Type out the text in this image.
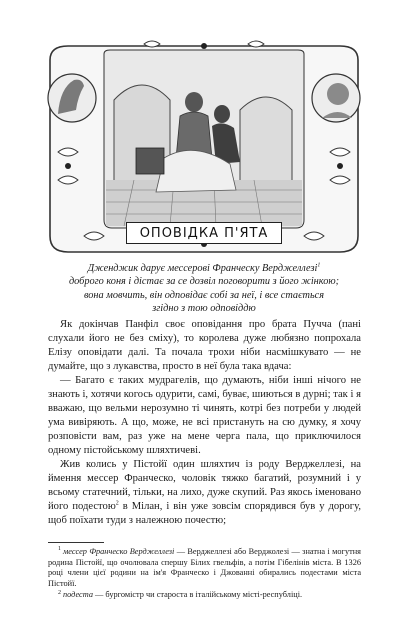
ОПОВІДКА П'ЯТА
Дженджик дарує мессерові Франческу Верджеллезі$^1$
доброго коня і дістає за се дозвіл поговорити з його жінкою;
вона мовчить, він одповідає собі за неї, і все стається
згідно з тою одповіддю

Як докінчав Панфіл своє оповідання про брата Пучча (пані слухали його не без сміху), то королева дуже любязно попрохала Елізу оповідати далі. Та почала трохи ніби насмішкувато — не думайте, що з лукавства, просто в неї була така вдача:

— Багато є таких мудрагелів, що думають, ніби інші нічого не знають і, хотячи когось одурити, самі, буває, шиються в дурні; так і я вважаю, що вельми нерозумно ті чинять, котрі без потреби у людей ума вивіряють. А що, може, не всі пристануть на сю думку, я хочу розповісти вам, раз уже на мене черга пала, що приключилося одному пістойському шляхтичеві.

Жив колись у Пістойї один шляхтич із роду Верджеллезі, на ймення мессер Франческо, чоловік тяжко багатий, розумний і у всьому статечний, тільки, на лихо, дуже скупий. Раз якось іменовано його подестою$^2$ в Мілан, і він уже зовсім спорядився був у дорогу, щоб поїхати туди з належною почестю;

$^1$ мессер Франческо Верджеллезі — Верджеллезі або Верджолезі — знатна і могутня родина Пістойї, що очолювала спершу Білих гвельфів, а потім Гібелінів міста. В 1326 році члени цієї родини на ім'я Франческо і Джованні обирались подестами міста Пістойї.

$^2$ подеста — бургомістр чи староста в італійському місті-республіці.
